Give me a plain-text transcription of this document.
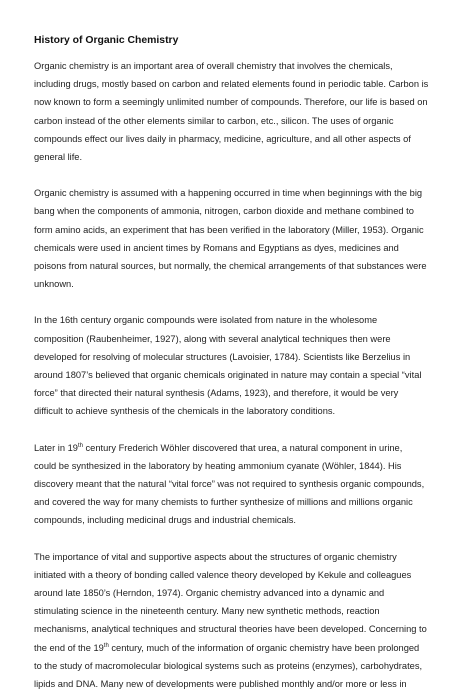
History of Organic Chemistry
Organic chemistry is an important area of overall chemistry that involves the chemicals,
including drugs, mostly based on carbon and related elements found in periodic table. Carbon is
now known to form a seemingly unlimited number of compounds. Therefore, our life is based on
carbon instead of the other elements similar to carbon, etc., silicon. The uses of organic
compounds effect our lives daily in pharmacy, medicine, agriculture, and all other aspects of
general life.
Organic chemistry is assumed with a happening occurred in time when beginnings with the big
bang when the components of ammonia, nitrogen, carbon dioxide and methane combined to
form amino acids, an experiment that has been verified in the laboratory (Miller, 1953). Organic
chemicals were used in ancient times by Romans and Egyptians as dyes, medicines and
poisons from natural sources, but normally, the chemical arrangements of that substances were
unknown.
In the 16th century organic compounds were isolated from nature in the wholesome
composition (Raubenheimer, 1927), along with several analytical techniques then were
developed for resolving of molecular structures (Lavoisier, 1784). Scientists like Berzelius in
around 1807’s believed that organic chemicals originated in nature may contain a special “vital
force” that directed their natural synthesis (Adams, 1923), and therefore, it would be very
difficult to achieve synthesis of the chemicals in the laboratory conditions.
Later in 19th century Frederich Wöhler discovered that urea, a natural component in urine,
could be synthesized in the laboratory by heating ammonium cyanate (Wöhler, 1844). His
discovery meant that the natural “vital force” was not required to synthesis organic compounds,
and covered the way for many chemists to further synthesize of millions and millions organic
compounds, including medicinal drugs and industrial chemicals.
The importance of vital and supportive aspects about the structures of organic chemistry
initiated with a theory of bonding called valence theory developed by Kekule and colleagues
around late 1850’s (Herndon, 1974). Organic chemistry advanced into a dynamic and
stimulating science in the nineteenth century. Many new synthetic methods, reaction
mechanisms, analytical techniques and structural theories have been developed. Concerning to
the end of the 19th century, much of the information of organic chemistry have been prolonged
to the study of macromolecular biological systems such as proteins (enzymes), carbohydrates,
lipids and DNA. Many new of developments were published monthly and/or more or less in
